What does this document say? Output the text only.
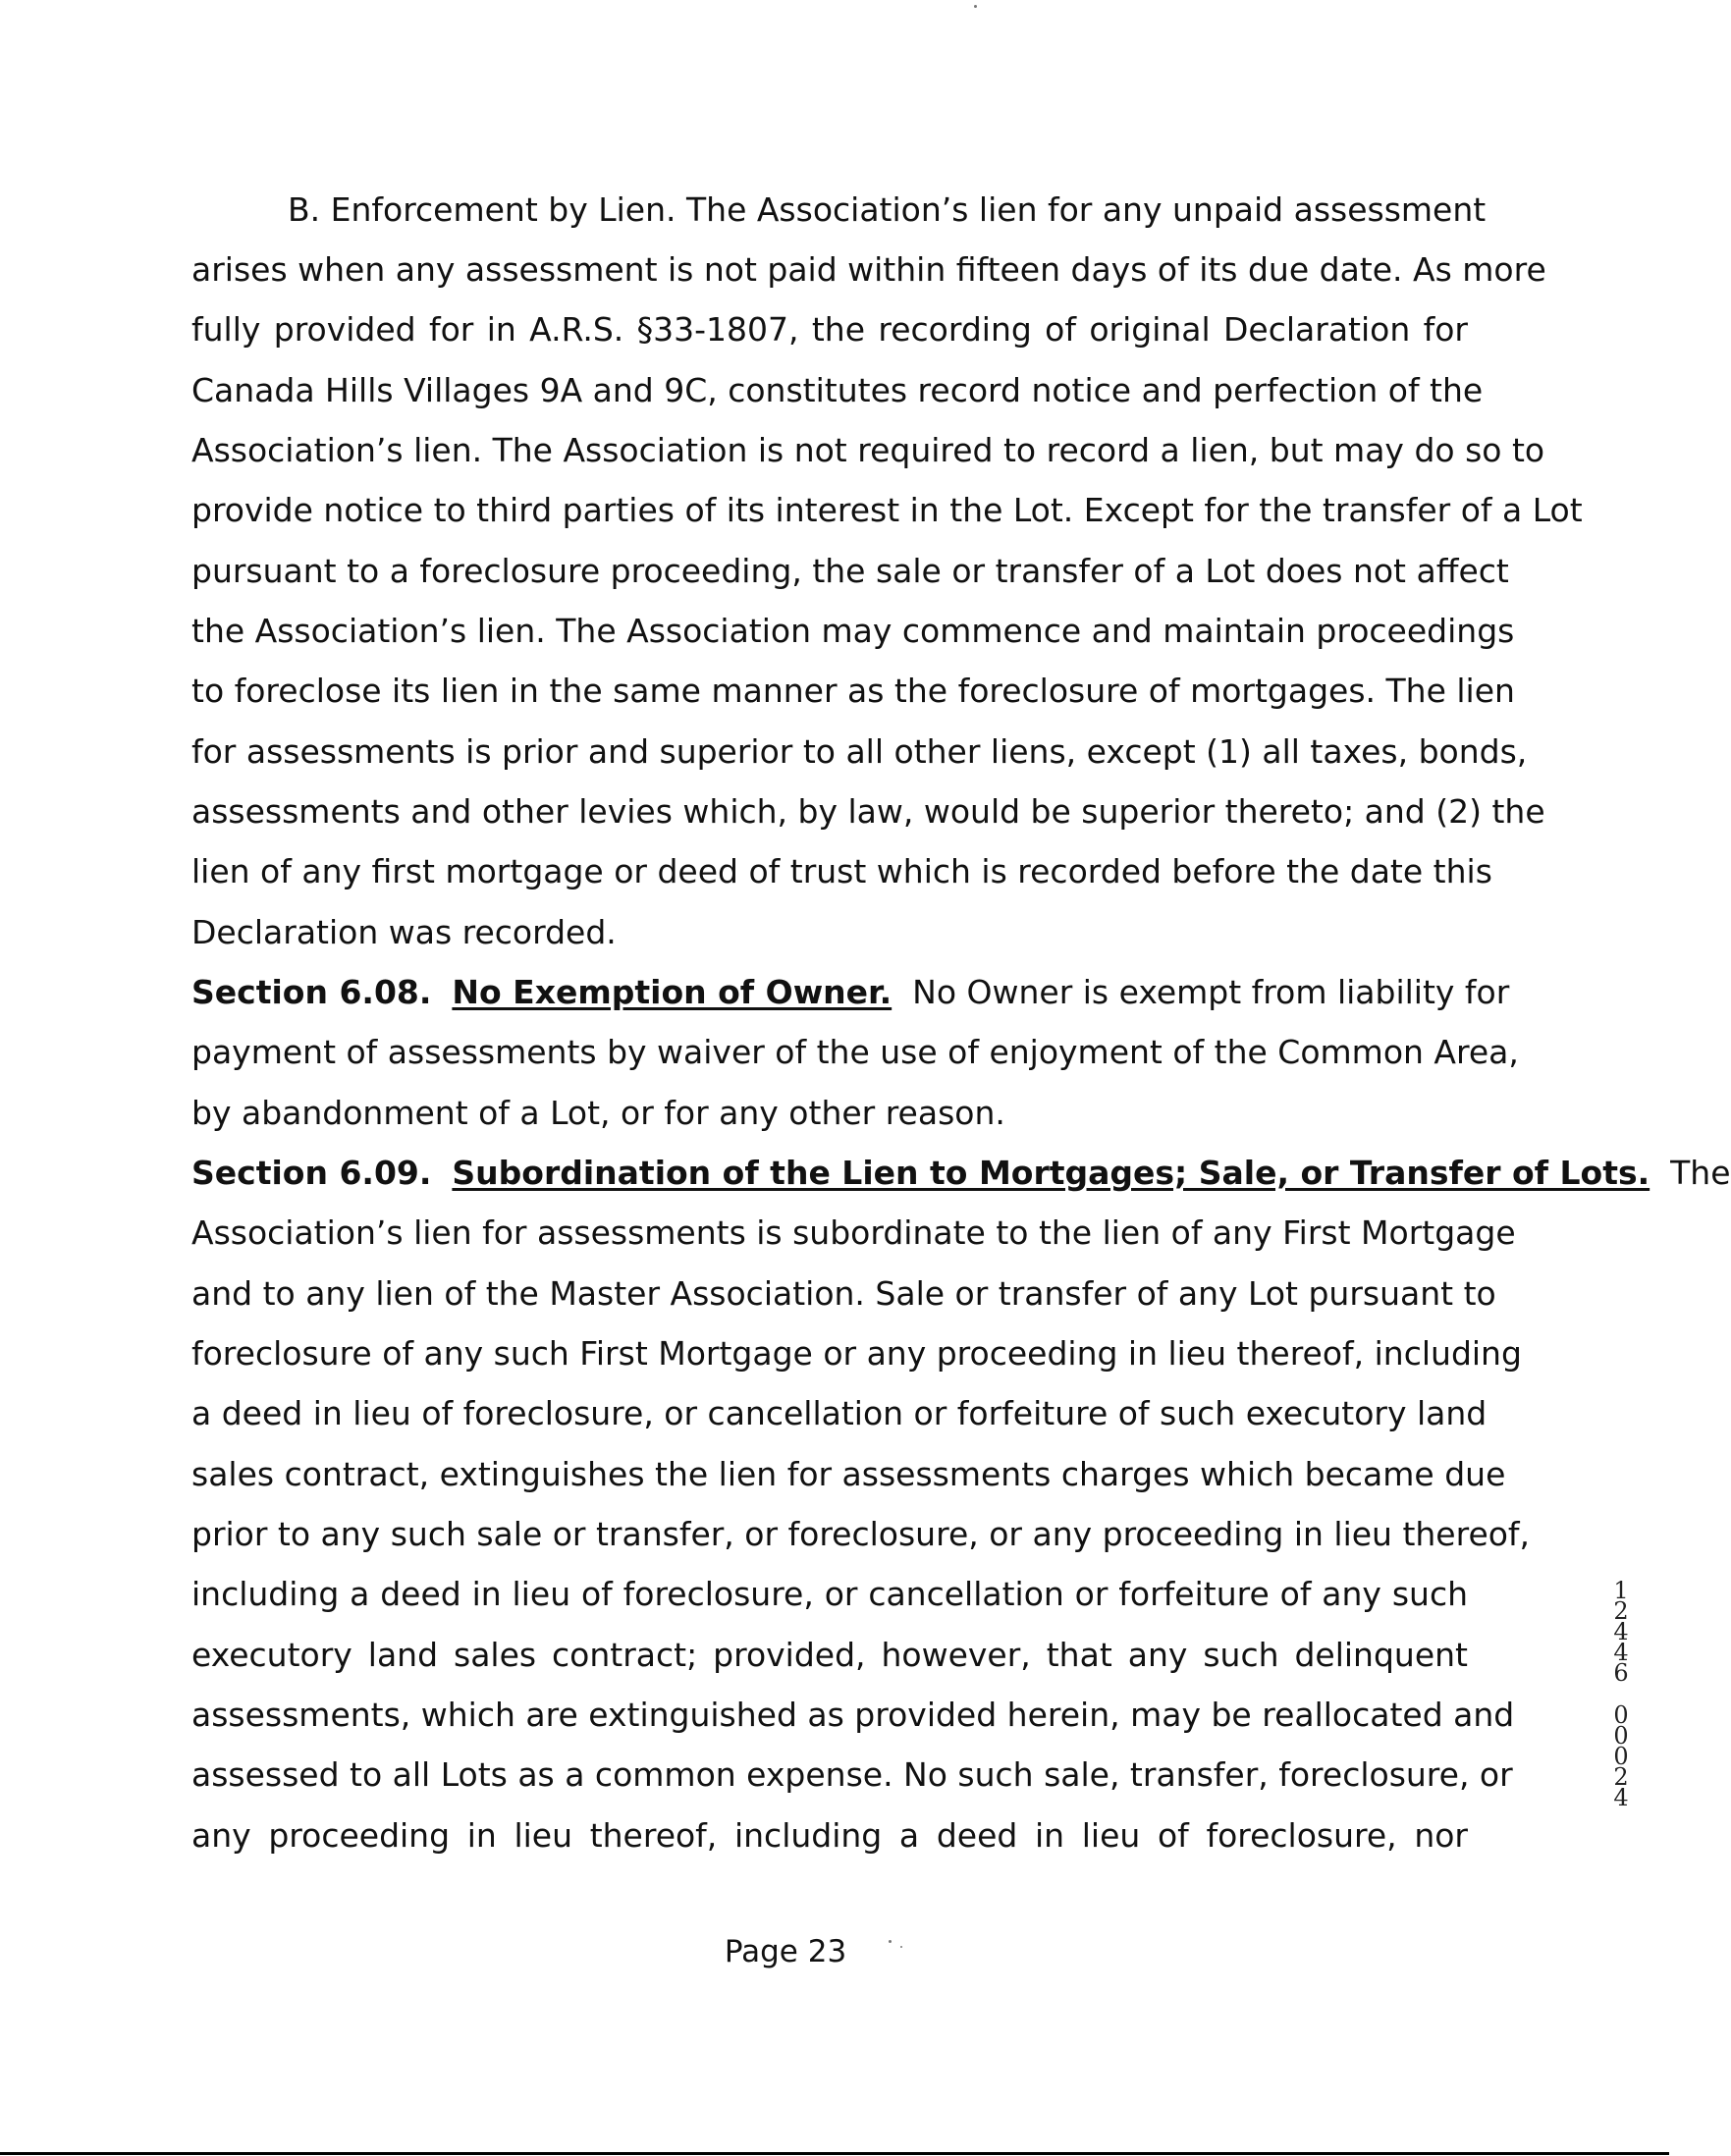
B. Enforcement by Lien. The Association’s lien for any unpaid assessment
arises when any assessment is not paid within fifteen days of its due date. As more
fully provided for in A.R.S. §33-1807, the recording of original Declaration for
Canada Hills Villages 9A and 9C, constitutes record notice and perfection of the
Association’s lien. The Association is not required to record a lien, but may do so to
provide notice to third parties of its interest in the Lot. Except for the transfer of a Lot
pursuant to a foreclosure proceeding, the sale or transfer of a Lot does not affect
the Association’s lien. The Association may commence and maintain proceedings
to foreclose its lien in the same manner as the foreclosure of mortgages. The lien
for assessments is prior and superior to all other liens, except (1) all taxes, bonds,
assessments and other levies which, by law, would be superior thereto; and (2) the
lien of any first mortgage or deed of trust which is recorded before the date this
Declaration was recorded.
Section 6.08. No Exemption of Owner. No Owner is exempt from liability for
payment of assessments by waiver of the use of enjoyment of the Common Area,
by abandonment of a Lot, or for any other reason.
Section 6.09. Subordination of the Lien to Mortgages; Sale, or Transfer of Lots. The
Association’s lien for assessments is subordinate to the lien of any First Mortgage
and to any lien of the Master Association. Sale or transfer of any Lot pursuant to
foreclosure of any such First Mortgage or any proceeding in lieu thereof, including
a deed in lieu of foreclosure, or cancellation or forfeiture of such executory land
sales contract, extinguishes the lien for assessments charges which became due
prior to any such sale or transfer, or foreclosure, or any proceeding in lieu thereof,
including a deed in lieu of foreclosure, or cancellation or forfeiture of any such
executory land sales contract; provided, however, that any such delinquent
assessments, which are extinguished as provided herein, may be reallocated and
assessed to all Lots as a common expense. No such sale, transfer, foreclosure, or
any proceeding in lieu thereof, including a deed in lieu of foreclosure, nor
Page 23
1
2
4
4
6
0
0
0
2
4
